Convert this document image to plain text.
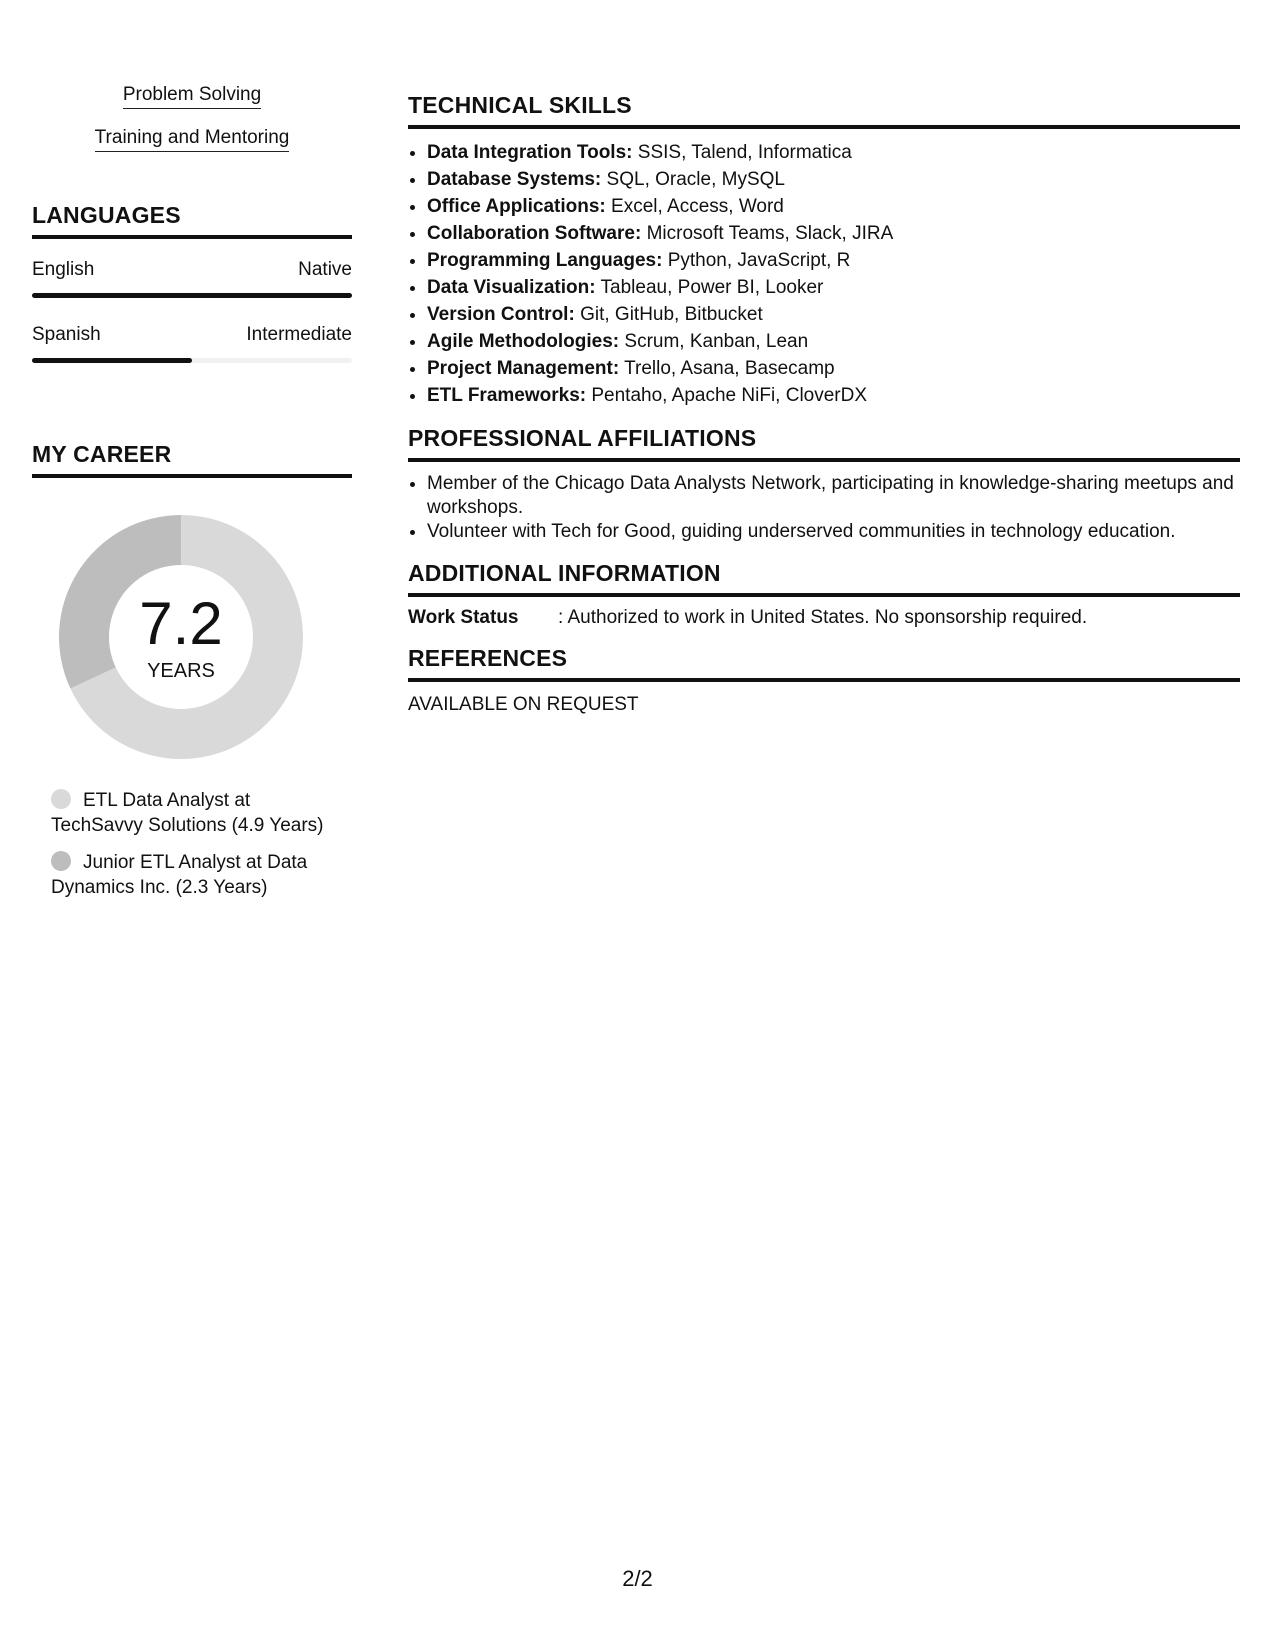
Problem Solving
Training and Mentoring
LANGUAGES
English	Native
Spanish	Intermediate
MY CAREER
7.2
YEARS
ETL Data Analyst at TechSavvy Solutions (4.9 Years)
Junior ETL Analyst at Data Dynamics Inc. (2.3 Years)
TECHNICAL SKILLS
• Data Integration Tools: SSIS, Talend, Informatica
• Database Systems: SQL, Oracle, MySQL
• Office Applications: Excel, Access, Word
• Collaboration Software: Microsoft Teams, Slack, JIRA
• Programming Languages: Python, JavaScript, R
• Data Visualization: Tableau, Power BI, Looker
• Version Control: Git, GitHub, Bitbucket
• Agile Methodologies: Scrum, Kanban, Lean
• Project Management: Trello, Asana, Basecamp
• ETL Frameworks: Pentaho, Apache NiFi, CloverDX
PROFESSIONAL AFFILIATIONS
• Member of the Chicago Data Analysts Network, participating in knowledge-sharing meetups and workshops.
• Volunteer with Tech for Good, guiding underserved communities in technology education.
ADDITIONAL INFORMATION
Work Status	: Authorized to work in United States. No sponsorship required.
REFERENCES
AVAILABLE ON REQUEST
2/2
